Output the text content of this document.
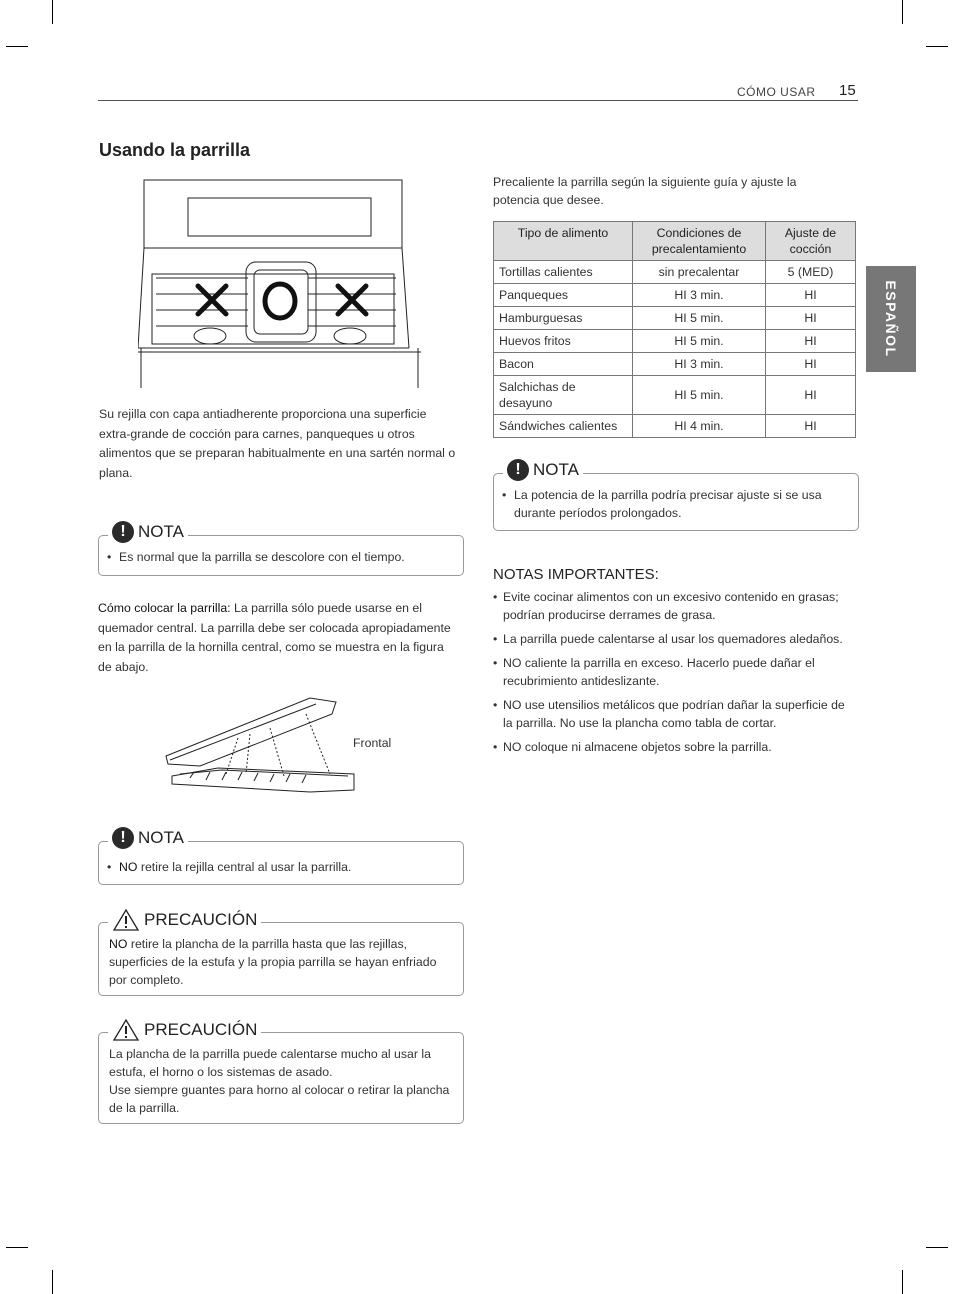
CÓMO USAR 15
ESPAÑOL
Usando la parrilla
Su rejilla con capa antiadherente proporciona una superficie extra-grande de cocción para carnes, panqueques u otros alimentos que se preparan habitualmente en una sartén normal o plana.
• Es normal que la parrilla se descolore con el tiempo.
! NOTA
Cómo colocar la parrilla: La parrilla sólo puede usarse en el quemador central. La parrilla debe ser colocada apropiadamente en la parrilla de la hornilla central, como se muestra en la figura de abajo.
Frontal
• NO retire la rejilla central al usar la parrilla.
! NOTA
NO retire la plancha de la parrilla hasta que las rejillas, superficies de la estufa y la propia parrilla se hayan enfriado por completo.
PRECAUCIÓN
La plancha de la parrilla puede calentarse mucho al usar la estufa, el horno o los sistemas de asado.
Use siempre guantes para horno al colocar o retirar la plancha de la parrilla.
PRECAUCIÓN
Precaliente la parrilla según la siguiente guía y ajuste la potencia que desee.
Tipo de alimento	Condiciones de precalentamiento	Ajuste de cocción
Tortillas calientes	sin precalentar	5 (MED)
Panqueques	HI 3 min.	HI
Hamburguesas	HI 5 min.	HI
Huevos fritos	HI 5 min.	HI
Bacon	HI 3 min.	HI
Salchichas de desayuno	HI 5 min.	HI
Sándwiches calientes	HI 4 min.	HI
• La potencia de la parrilla podría precisar ajuste si se usa durante períodos prolongados.
! NOTA
NOTAS IMPORTANTES:
• Evite cocinar alimentos con un excesivo contenido en grasas; podrían producirse derrames de grasa.
• La parrilla puede calentarse al usar los quemadores aledaños.
• NO caliente la parrilla en exceso. Hacerlo puede dañar el recubrimiento antideslizante.
• NO use utensilios metálicos que podrían dañar la superficie de la parrilla. No use la plancha como tabla de cortar.
• NO coloque ni almacene objetos sobre la parrilla.
